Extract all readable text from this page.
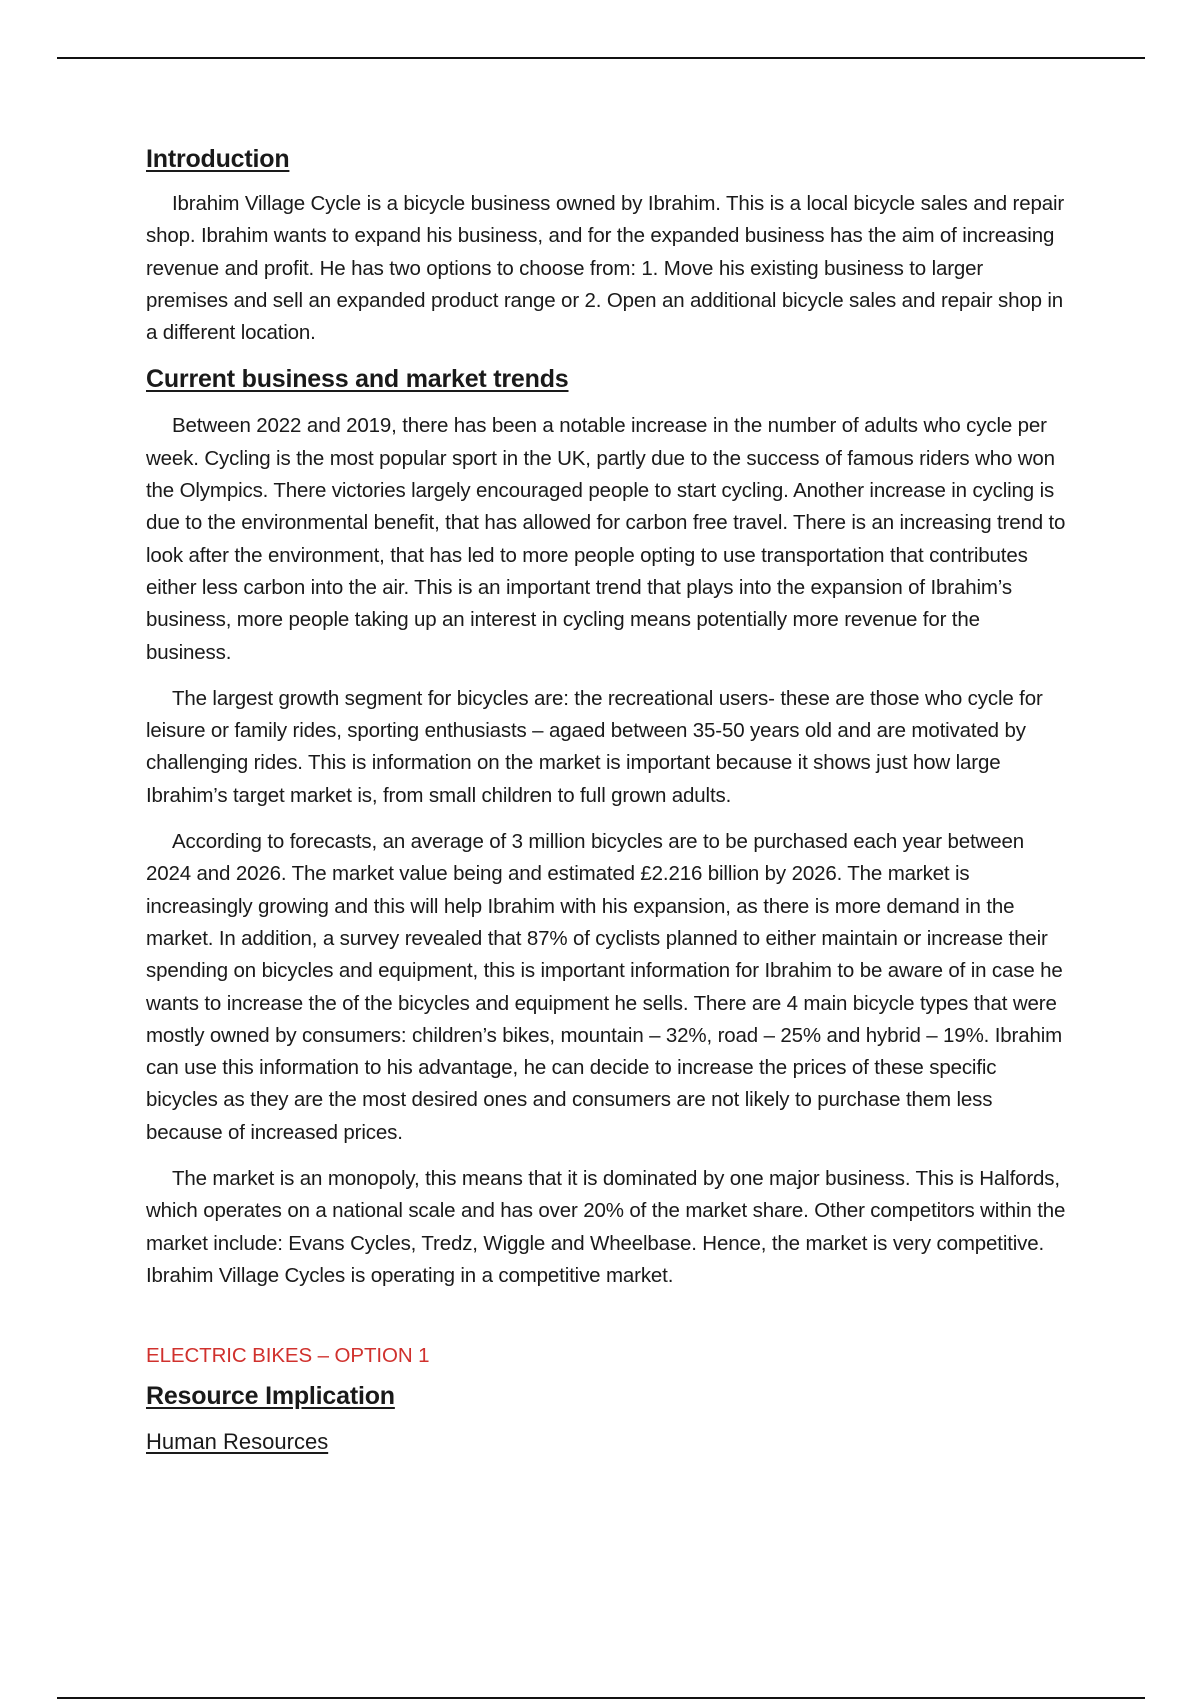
Introduction

Ibrahim Village Cycle is a bicycle business owned by Ibrahim. This is a local bicycle sales and repair shop. Ibrahim wants to expand his business, and for the expanded business has the aim of increasing revenue and profit. He has two options to choose from: 1. Move his existing business to larger premises and sell an expanded product range or 2. Open an additional bicycle sales and repair shop in a different location.

Current business and market trends

Between 2022 and 2019, there has been a notable increase in the number of adults who cycle per week. Cycling is the most popular sport in the UK, partly due to the success of famous riders who won the Olympics. There victories largely encouraged people to start cycling. Another increase in cycling is due to the environmental benefit, that has allowed for carbon free travel. There is an increasing trend to look after the environment, that has led to more people opting to use transportation that contributes either less carbon into the air. This is an important trend that plays into the expansion of Ibrahim’s business, more people taking up an interest in cycling means potentially more revenue for the business.

The largest growth segment for bicycles are: the recreational users- these are those who cycle for leisure or family rides, sporting enthusiasts – agaed between 35-50 years old and are motivated by challenging rides. This is information on the market is important because it shows just how large Ibrahim’s target market is, from small children to full grown adults.

According to forecasts, an average of 3 million bicycles are to be purchased each year between 2024 and 2026. The market value being and estimated £2.216 billion by 2026. The market is increasingly growing and this will help Ibrahim with his expansion, as there is more demand in the market. In addition, a survey revealed that 87% of cyclists planned to either maintain or increase their spending on bicycles and equipment, this is important information for Ibrahim to be aware of in case he wants to increase the of the bicycles and equipment he sells. There are 4 main bicycle types that were mostly owned by consumers: children’s bikes, mountain – 32%, road – 25% and hybrid – 19%. Ibrahim can use this information to his advantage, he can decide to increase the prices of these specific bicycles as they are the most desired ones and consumers are not likely to purchase them less because of increased prices.

The market is an monopoly, this means that it is dominated by one major business. This is Halfords, which operates on a national scale and has over 20% of the market share. Other competitors within the market include: Evans Cycles, Tredz, Wiggle and Wheelbase. Hence, the market is very competitive. Ibrahim Village Cycles is operating in a competitive market.

ELECTRIC BIKES – OPTION 1

Resource Implication

Human Resources
